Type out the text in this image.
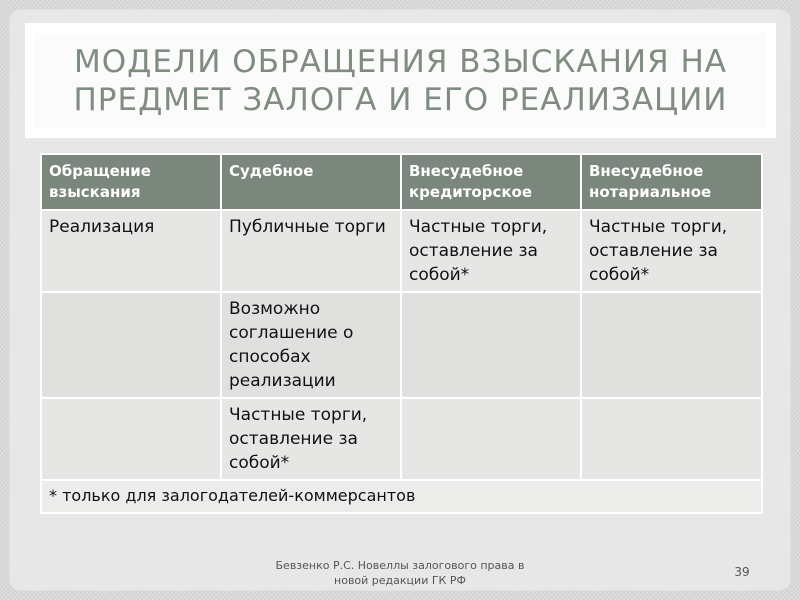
МОДЕЛИ ОБРАЩЕНИЯ ВЗЫСКАНИЯ НА ПРЕДМЕТ ЗАЛОГА И ЕГО РЕАЛИЗАЦИИ
Обращение взыскания	Судебное	Внесудебное кредиторское	Внесудебное нотариальное
Реализация	Публичные торги	Частные торги, оставление за собой*	Частные торги, оставление за собой*
	Возможно соглашение о способах реализации		
	Частные торги, оставление за собой*		
* только для залогодателей-коммерсантов			
Бевзенко Р.С. Новеллы залогового права в новой редакции ГК РФ
39
